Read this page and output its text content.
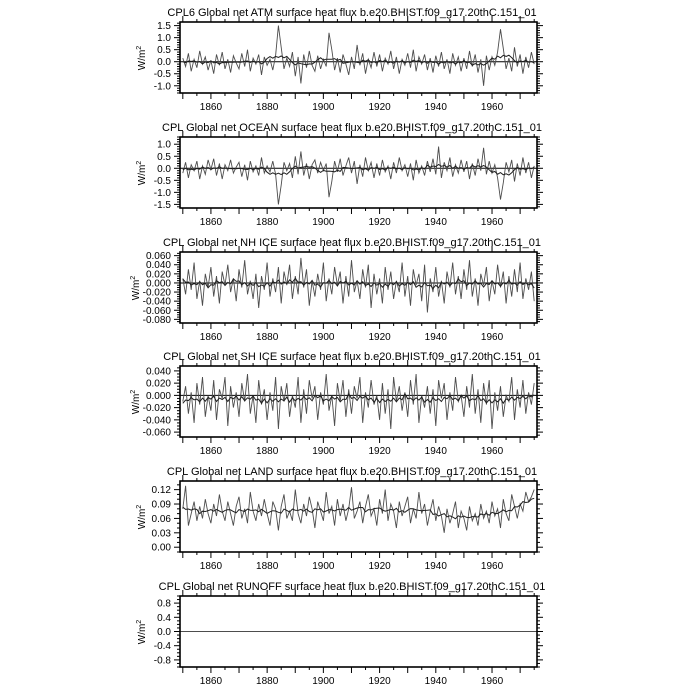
CPL6 Global net ATM surface heat flux b.e20.BHIST.f09_g17.20thC.151_01
$W/m^2$
1860	1880	1900	1920	1940	1960
1.5
1.0
0.5
0.0
-0.5
-1.0
CPL Global net OCEAN surface heat flux b.e20.BHIST.f09_g17.20thC.151_01
$W/m^2$
1860	1880	1900	1920	1940	1960
1.0
0.5
0.0
-0.5
-1.0
-1.5
CPL Global net NH ICE surface heat flux b.e20.BHIST.f09_g17.20thC.151_01
$W/m^2$
1860	1880	1900	1920	1940	1960
0.060
0.040
0.020
0.000
-0.020
-0.040
-0.060
-0.080
CPL Global net SH ICE surface heat flux b.e20.BHIST.f09_g17.20thC.151_01
$W/m^2$
1860	1880	1900	1920	1940	1960
0.040
0.020
0.000
-0.020
-0.040
-0.060
CPL Global net LAND surface heat flux b.e20.BHIST.f09_g17.20thC.151_01
$W/m^2$
1860	1880	1900	1920	1940	1960
0.12
0.09
0.06
0.03
0.00
CPL Global net RUNOFF surface heat flux b.e20.BHIST.f09_g17.20thC.151_01
$W/m^2$
1860	1880	1900	1920	1940	1960
0.8
0.4
0.0
-0.4
-0.8
